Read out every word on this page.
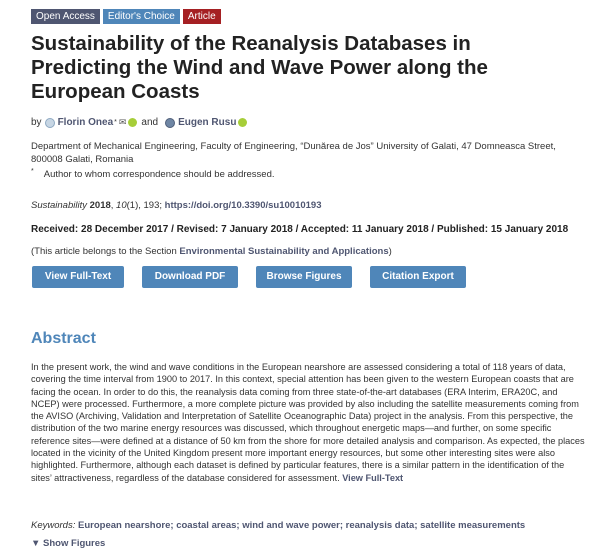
Open Access	Editor's Choice	Article
Sustainability of the Reanalysis Databases in Predicting the Wind and Wave Power along the European Coasts
by Florin Onea * ✉ and Eugen Rusu
Department of Mechanical Engineering, Faculty of Engineering, “Dunărea de Jos” University of Galati, 47 Domneasca Street, 800008 Galati, Romania
* Author to whom correspondence should be addressed.
Sustainability 2018, 10(1), 193; https://doi.org/10.3390/su10010193
Received: 28 December 2017 / Revised: 7 January 2018 / Accepted: 11 January 2018 / Published: 15 January 2018
(This article belongs to the Section Environmental Sustainability and Applications)
View Full-Text	Download PDF	Browse Figures	Citation Export
Abstract
In the present work, the wind and wave conditions in the European nearshore are assessed considering a total of 118 years of data, covering the time interval from 1900 to 2017. In this context, special attention has been given to the western European coasts that are facing the ocean. In order to do this, the reanalysis data coming from three state-of-the-art databases (ERA Interim, ERA20C, and NCEP) were processed. Furthermore, a more complete picture was provided by also including the satellite measurements coming from the AVISO (Archiving, Validation and Interpretation of Satellite Oceanographic Data) project in the analysis. From this perspective, the distribution of the two marine energy resources was discussed, which throughout energetic maps—and further, on some specific reference sites—were defined at a distance of 50 km from the shore for more detailed analysis and comparison. As expected, the places located in the vicinity of the United Kingdom present more important energy resources, but some other interesting sites were also highlighted. Furthermore, although each dataset is defined by particular features, there is a similar pattern in the identification of the sites’ attractiveness, regardless of the database considered for assessment. View Full-Text
Keywords: European nearshore; coastal areas; wind and wave power; reanalysis data; satellite measurements
▼ Show Figures
